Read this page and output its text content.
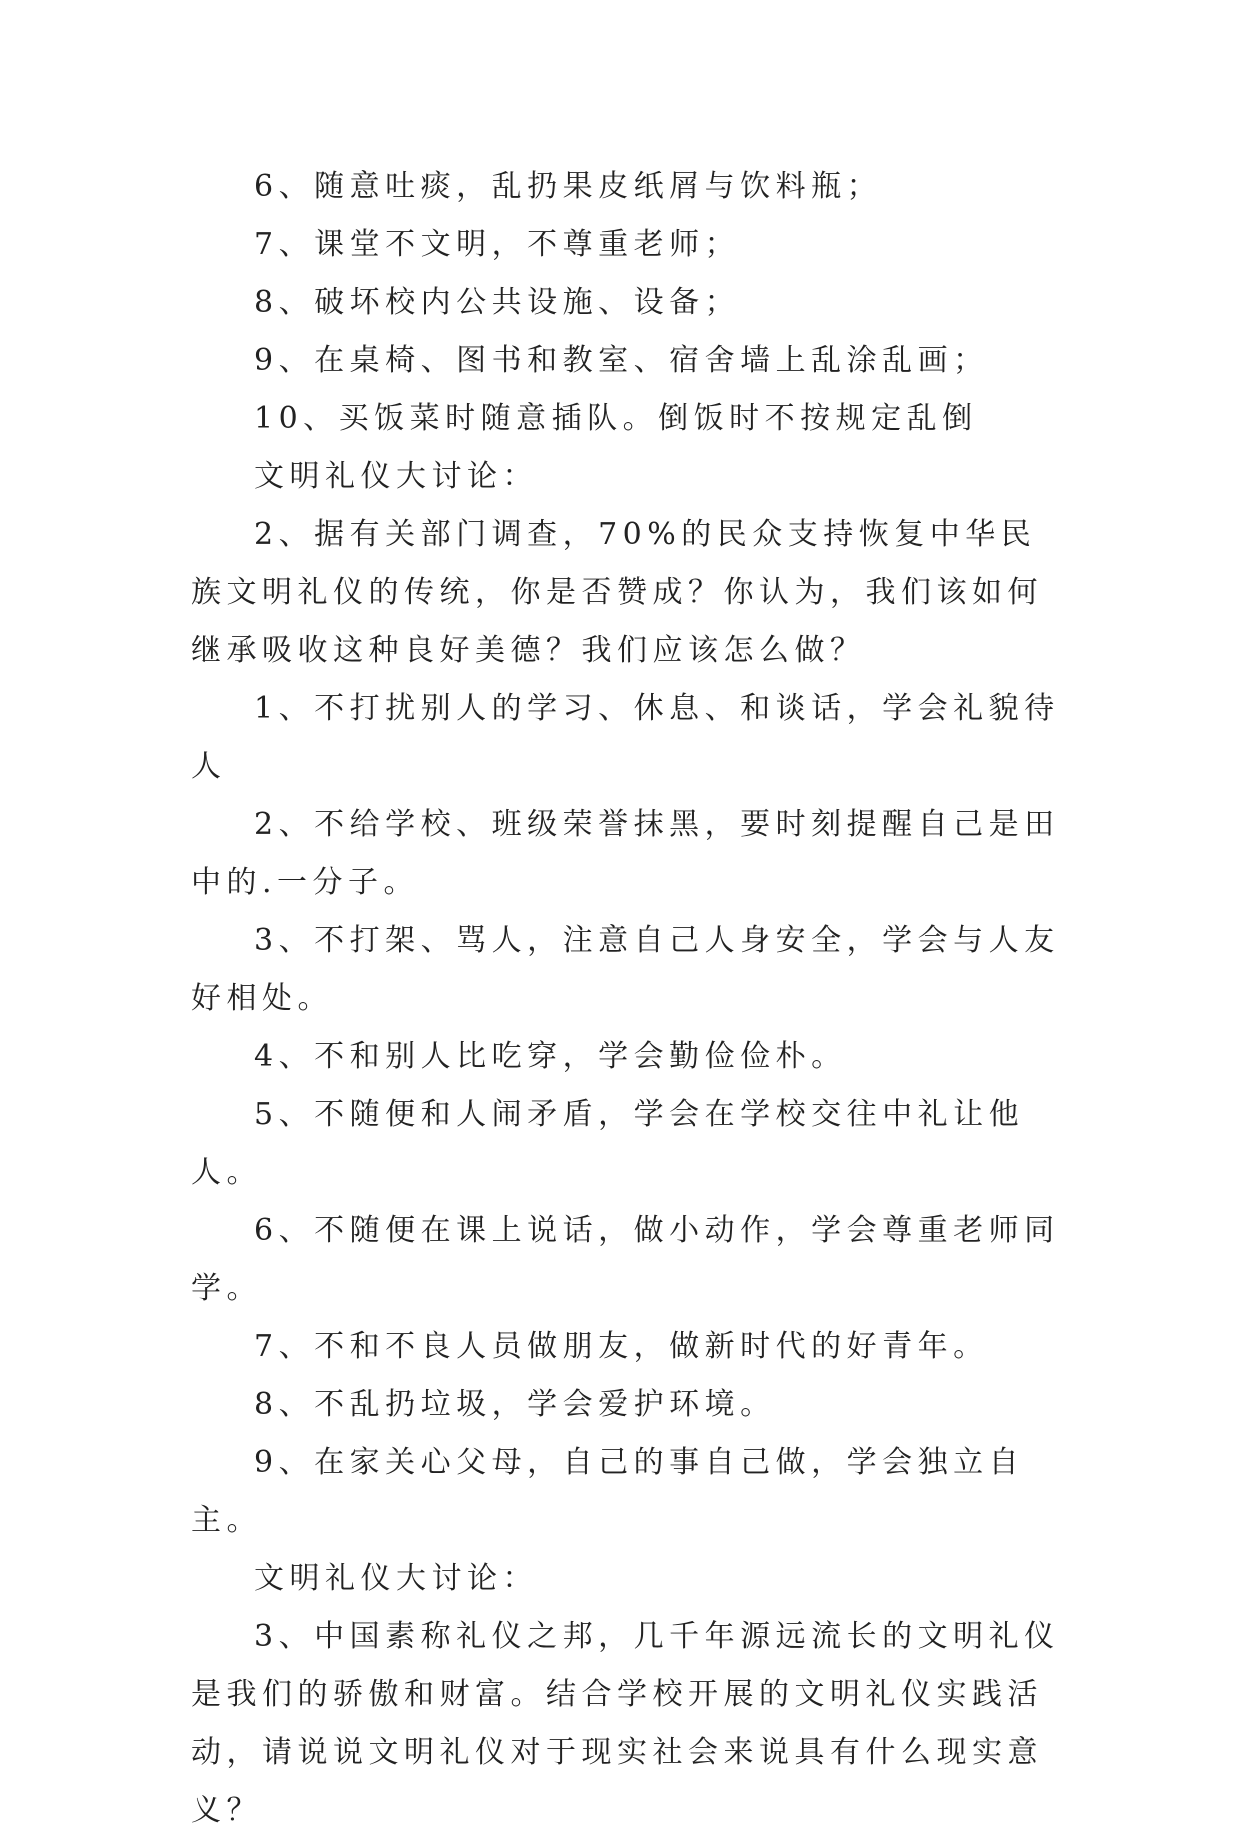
6、随意吐痰，乱扔果皮纸屑与饮料瓶；

7、课堂不文明，不尊重老师；

8、破坏校内公共设施、设备；

9、在桌椅、图书和教室、宿舍墙上乱涂乱画；

10、买饭菜时随意插队。倒饭时不按规定乱倒

文明礼仪大讨论：

2、据有关部门调查，70%的民众支持恢复中华民族文明礼仪的传统，你是否赞成？你认为，我们该如何继承吸收这种良好美德？我们应该怎么做？

1、不打扰别人的学习、休息、和谈话，学会礼貌待人

2、不给学校、班级荣誉抹黑，要时刻提醒自己是田中的.一分子。

3、不打架、骂人，注意自己人身安全，学会与人友好相处。

4、不和别人比吃穿，学会勤俭俭朴。

5、不随便和人闹矛盾，学会在学校交往中礼让他人。

6、不随便在课上说话，做小动作，学会尊重老师同学。

7、不和不良人员做朋友，做新时代的好青年。

8、不乱扔垃圾，学会爱护环境。

9、在家关心父母，自己的事自己做，学会独立自主。

文明礼仪大讨论：

3、中国素称礼仪之邦，几千年源远流长的文明礼仪是我们的骄傲和财富。结合学校开展的文明礼仪实践活动，请说说文明礼仪对于现实社会来说具有什么现实意义？
